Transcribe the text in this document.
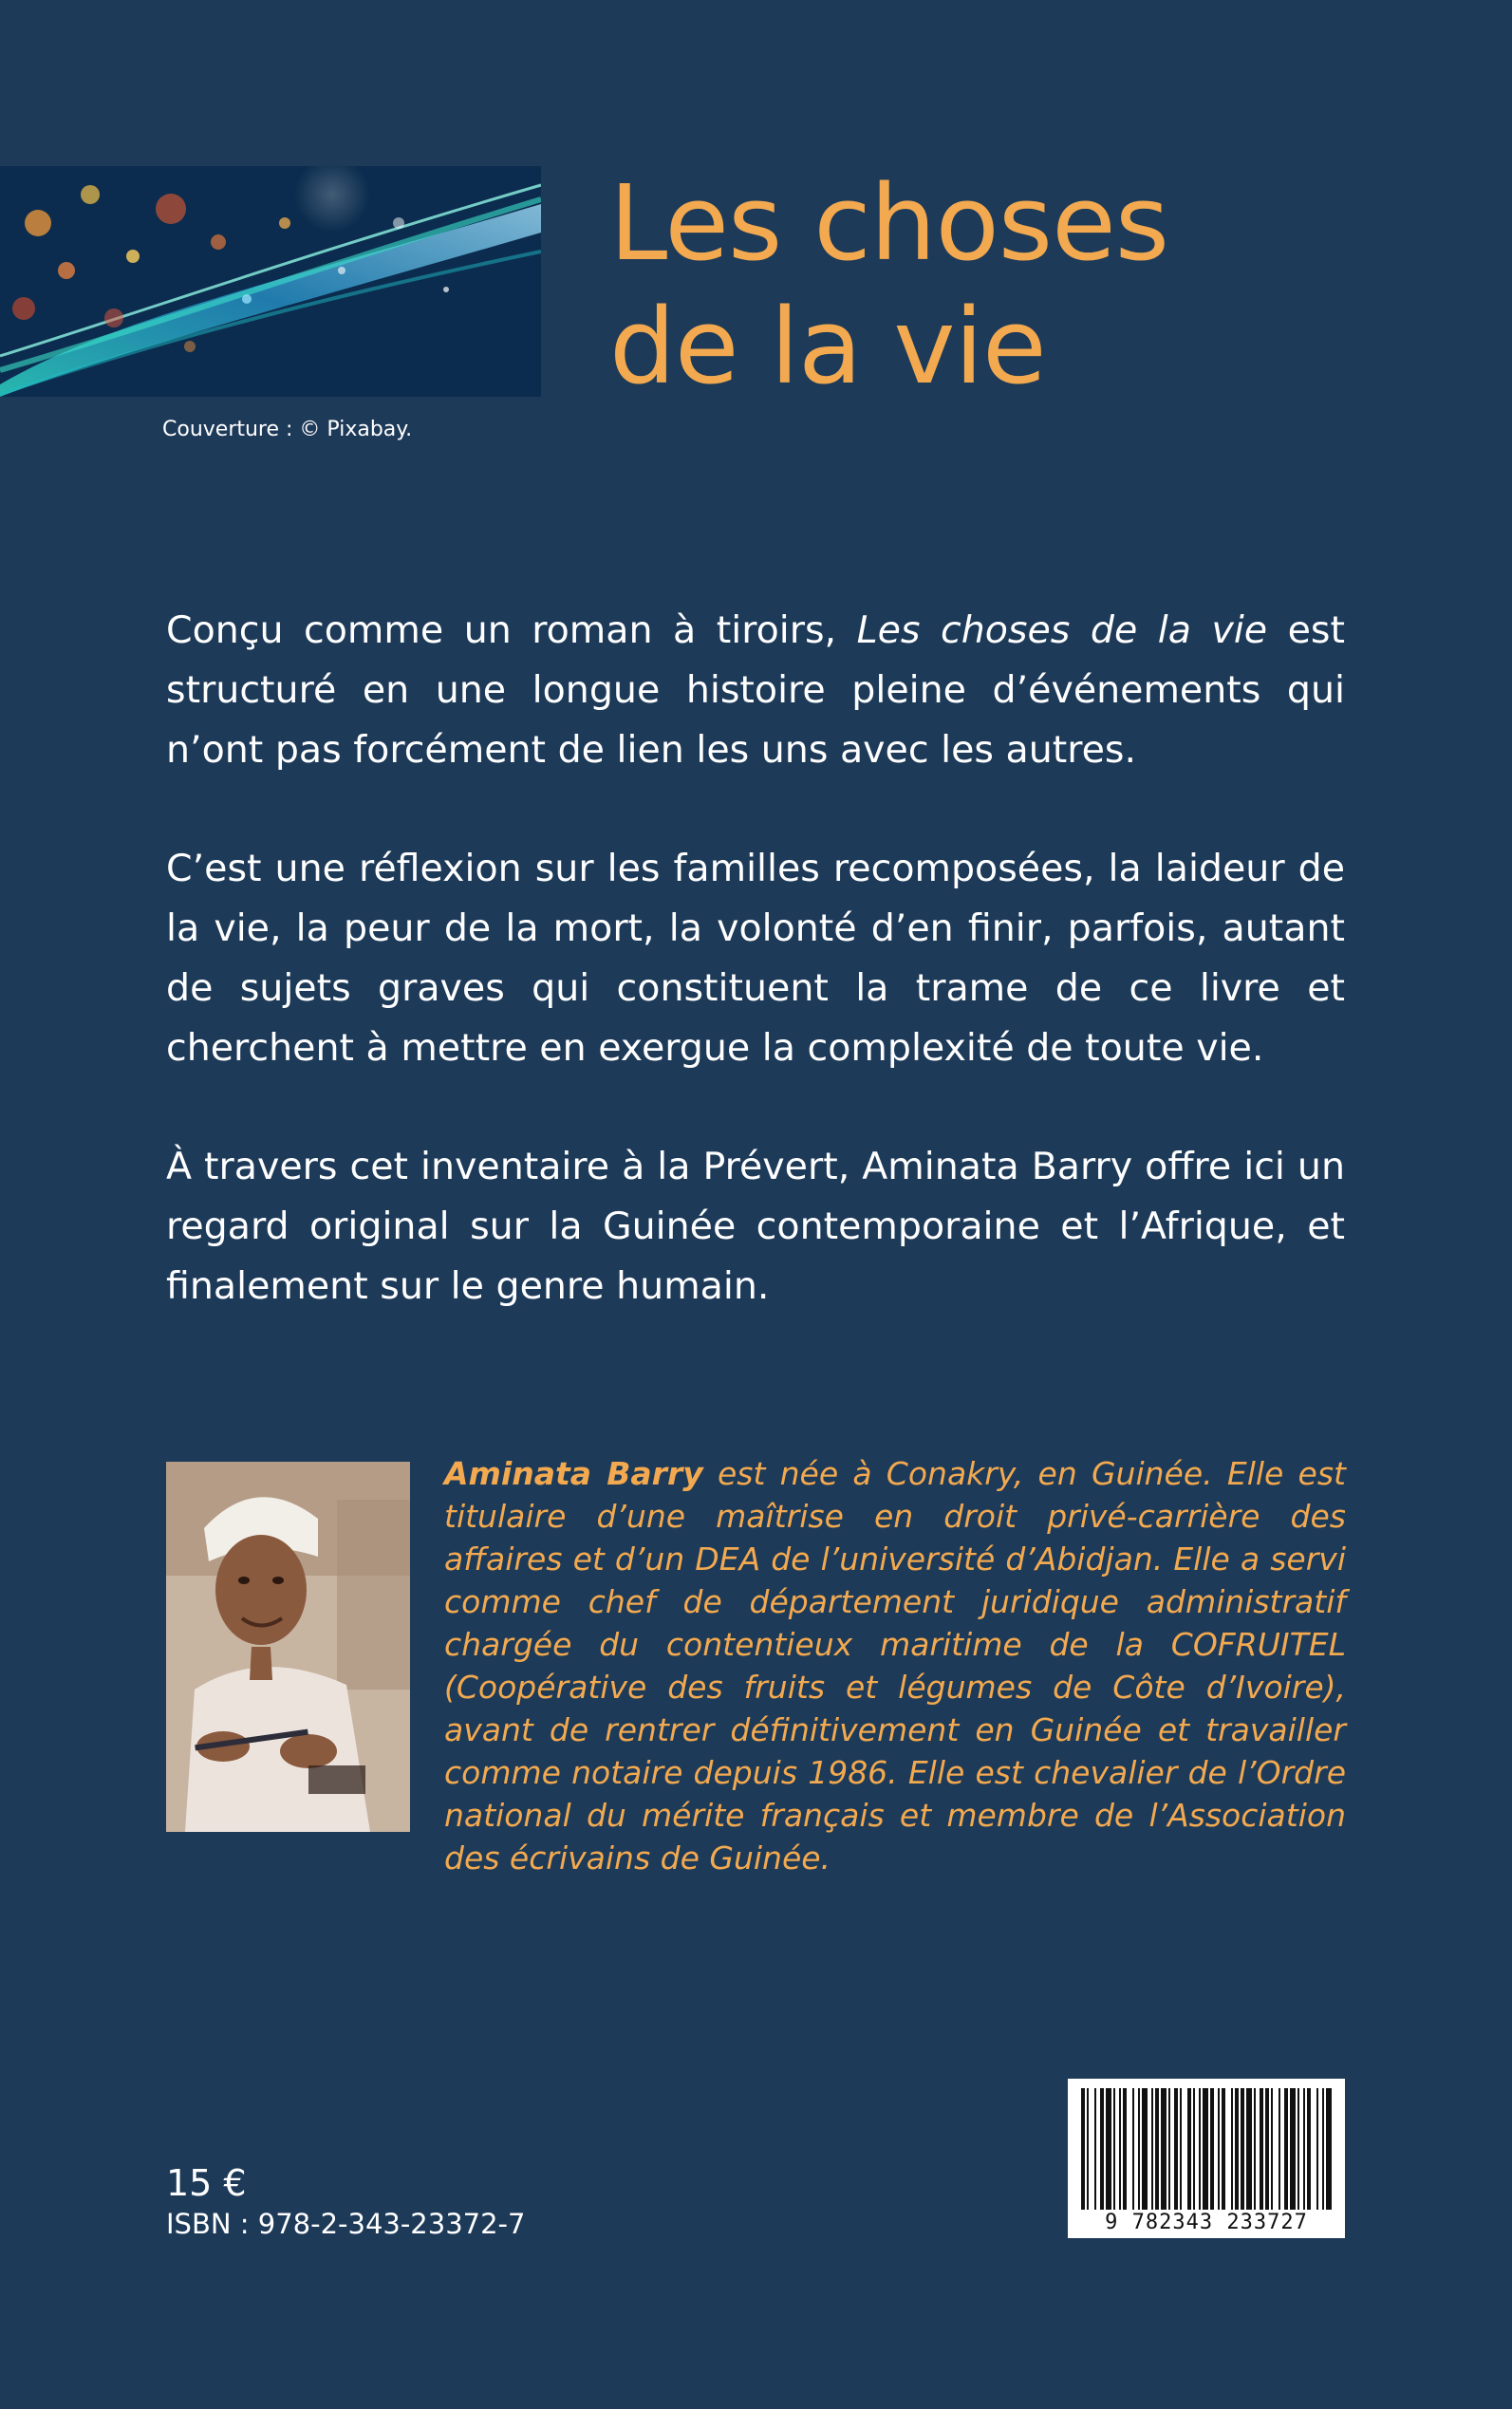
Couverture : © Pixabay.
Les choses
de la vie

Conçu comme un roman à tiroirs, Les choses de la vie est structuré en une longue histoire pleine d’événements qui n’ont pas forcément de lien les uns avec les autres.

C’est une réflexion sur les familles recomposées, la laideur de la vie, la peur de la mort, la volonté d’en finir, parfois, autant de sujets graves qui constituent la trame de ce livre et cherchent à mettre en exergue la complexité de toute vie.

À travers cet inventaire à la Prévert, Aminata Barry offre ici un regard original sur la Guinée contemporaine et l’Afrique, et finalement sur le genre humain.

Aminata Barry est née à Conakry, en Guinée. Elle est titulaire d’une maîtrise en droit privé-carrière des affaires et d’un DEA de l’université d’Abidjan. Elle a servi comme chef de département juridique administratif chargée du contentieux maritime de la COFRUITEL (Coopérative des fruits et légumes de Côte d’Ivoire), avant de rentrer définitivement en Guinée et travailler comme notaire depuis 1986. Elle est chevalier de l’Ordre national du mérite français et membre de l’Association des écrivains de Guinée.

15 €
ISBN : 978-2-343-23372-7	9 782343 233727
